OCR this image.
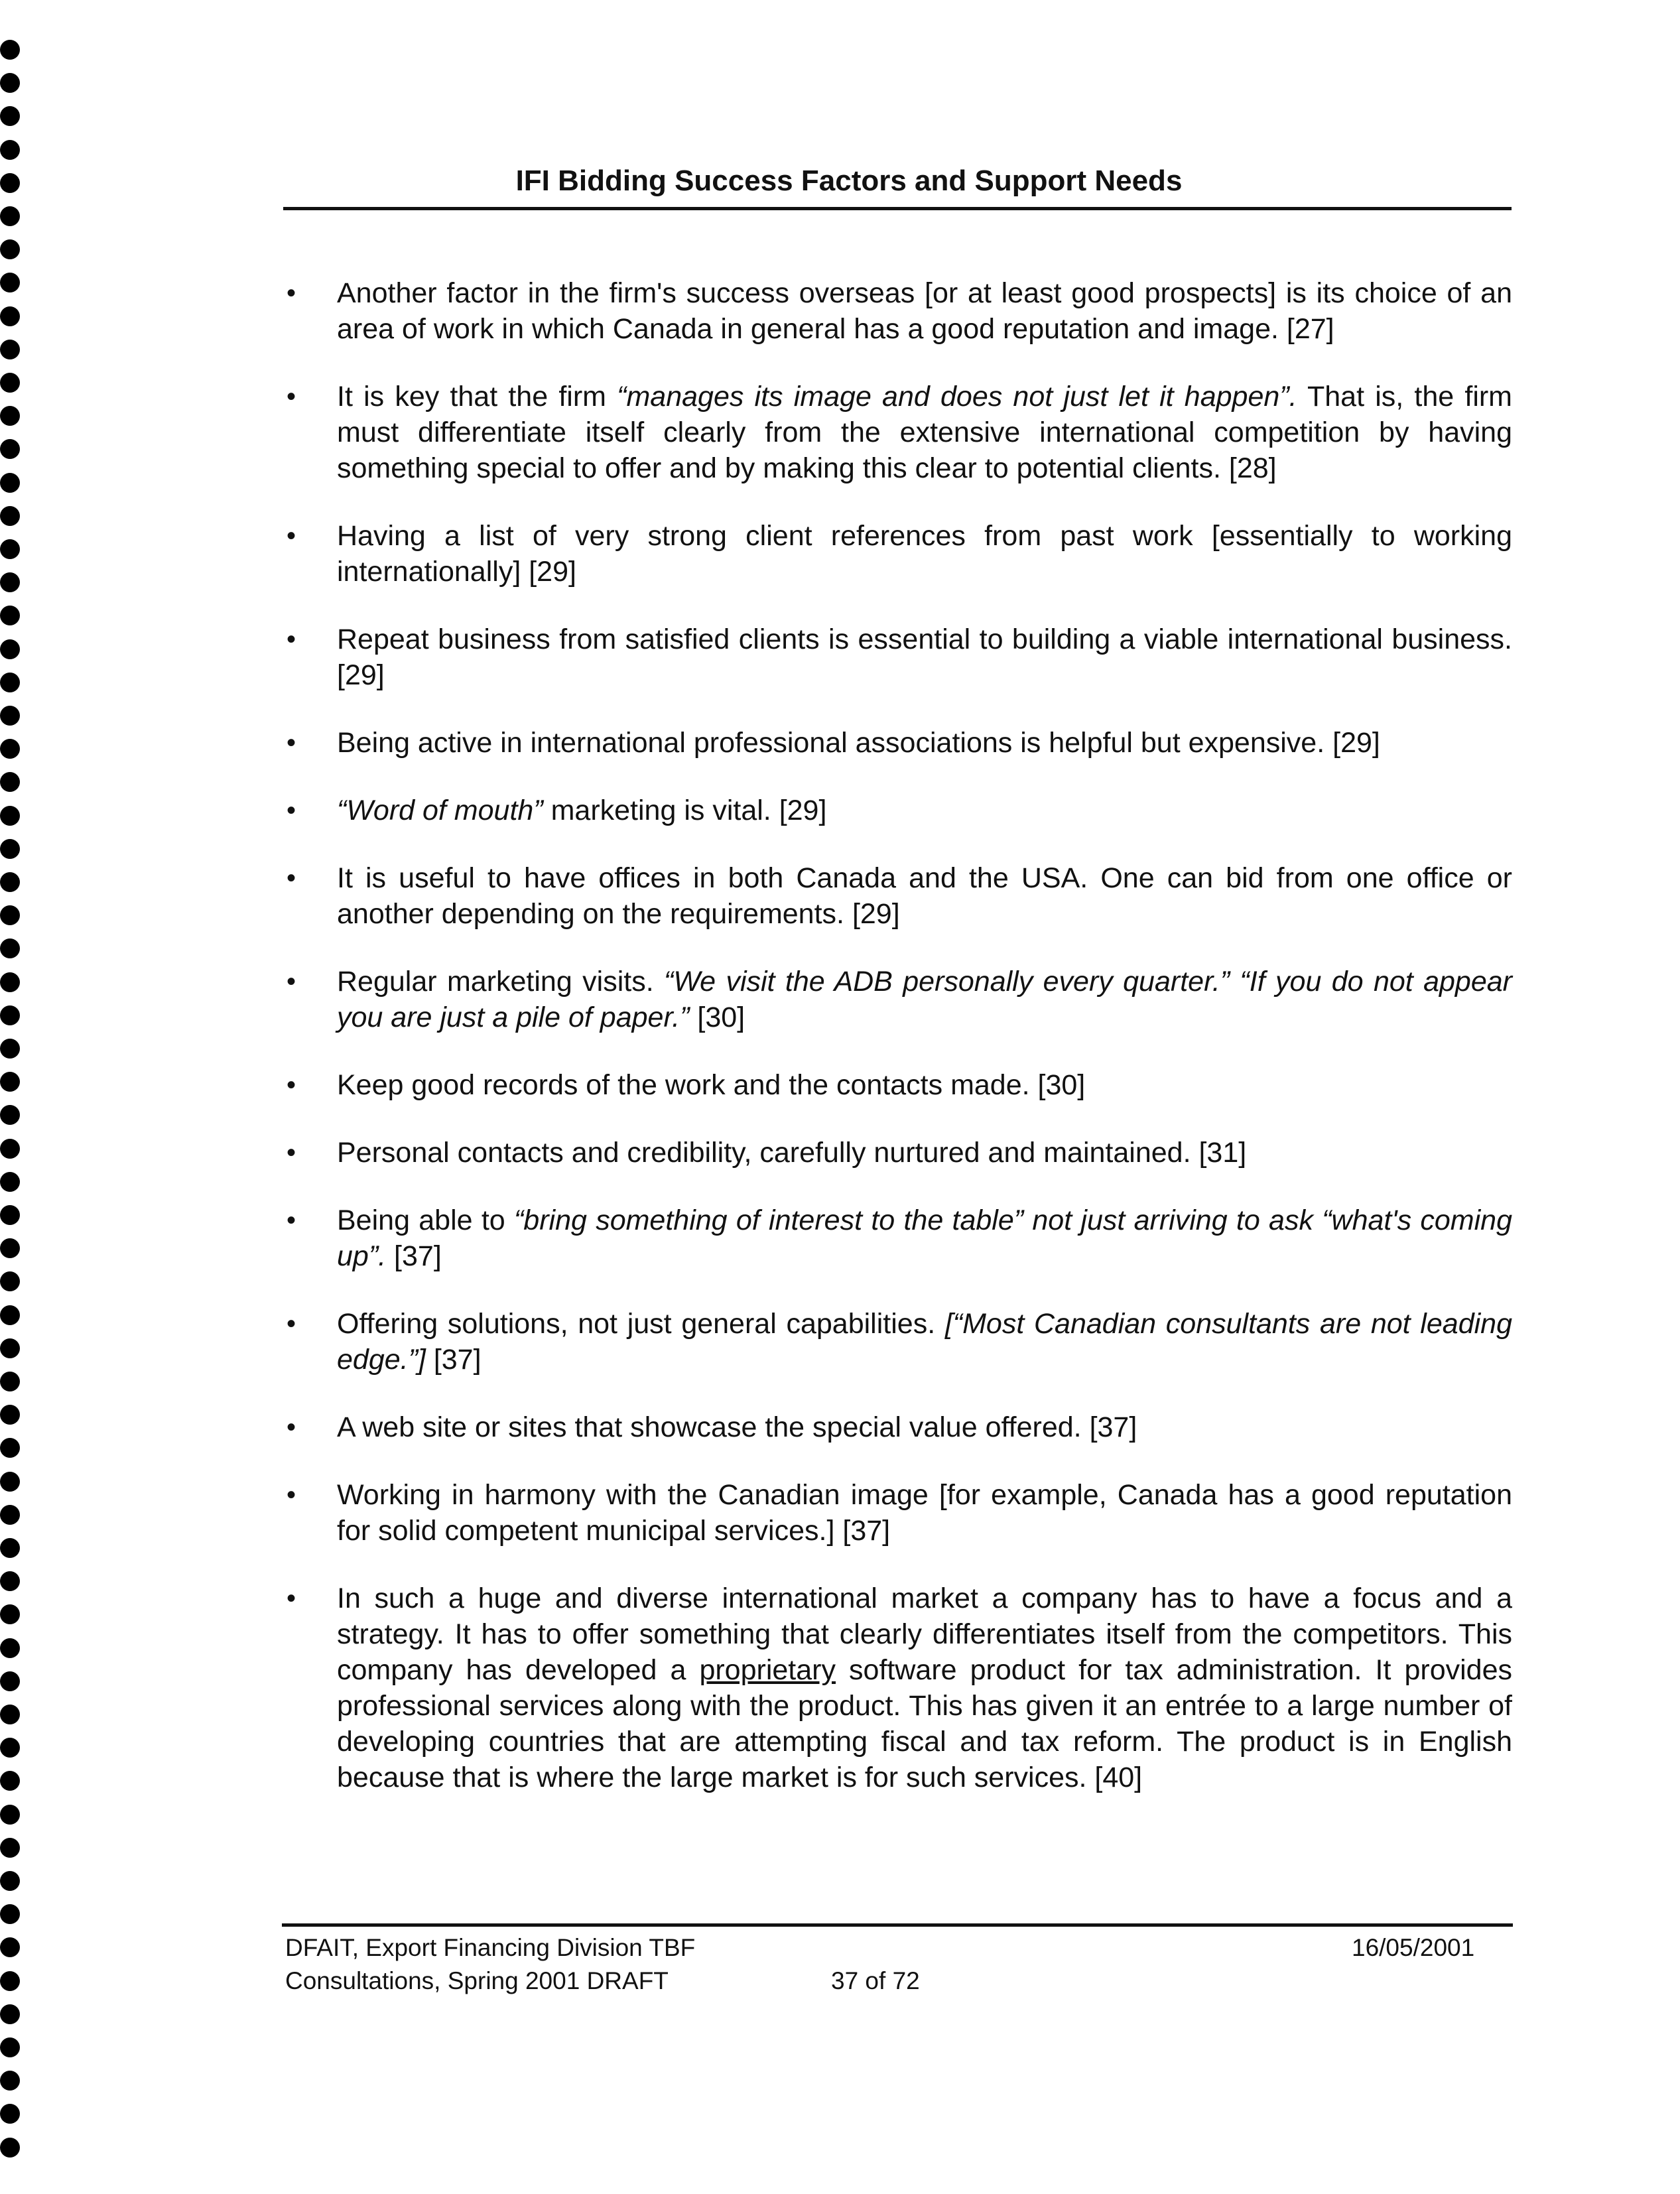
IFI Bidding Success Factors and Support Needs
• Another factor in the firm's success overseas [or at least good prospects] is its choice of an area of work in which Canada in general has a good reputation and image. [27]
• It is key that the firm “manages its image and does not just let it happen”. That is, the firm must differentiate itself clearly from the extensive international competition by having something special to offer and by making this clear to potential clients. [28]
• Having a list of very strong client references from past work [essentially to working internationally] [29]
• Repeat business from satisfied clients is essential to building a viable international business. [29]
• Being active in international professional associations is helpful but expensive. [29]
• “Word of mouth” marketing is vital. [29]
• It is useful to have offices in both Canada and the USA. One can bid from one office or another depending on the requirements. [29]
• Regular marketing visits. “We visit the ADB personally every quarter.” “If you do not appear you are just a pile of paper.” [30]
• Keep good records of the work and the contacts made. [30]
• Personal contacts and credibility, carefully nurtured and maintained. [31]
• Being able to “bring something of interest to the table” not just arriving to ask “what's coming up”. [37]
• Offering solutions, not just general capabilities. [“Most Canadian consultants are not leading edge.”] [37]
• A web site or sites that showcase the special value offered. [37]
• Working in harmony with the Canadian image [for example, Canada has a good reputation for solid competent municipal services.] [37]
• In such a huge and diverse international market a company has to have a focus and a strategy. It has to offer something that clearly differentiates itself from the competitors. This company has developed a proprietary software product for tax administration. It provides professional services along with the product. This has given it an entrée to a large number of developing countries that are attempting fiscal and tax reform. The product is in English because that is where the large market is for such services. [40]
DFAIT, Export Financing Division TBF
Consultations, Spring 2001 DRAFT	37 of 72
16/05/2001
